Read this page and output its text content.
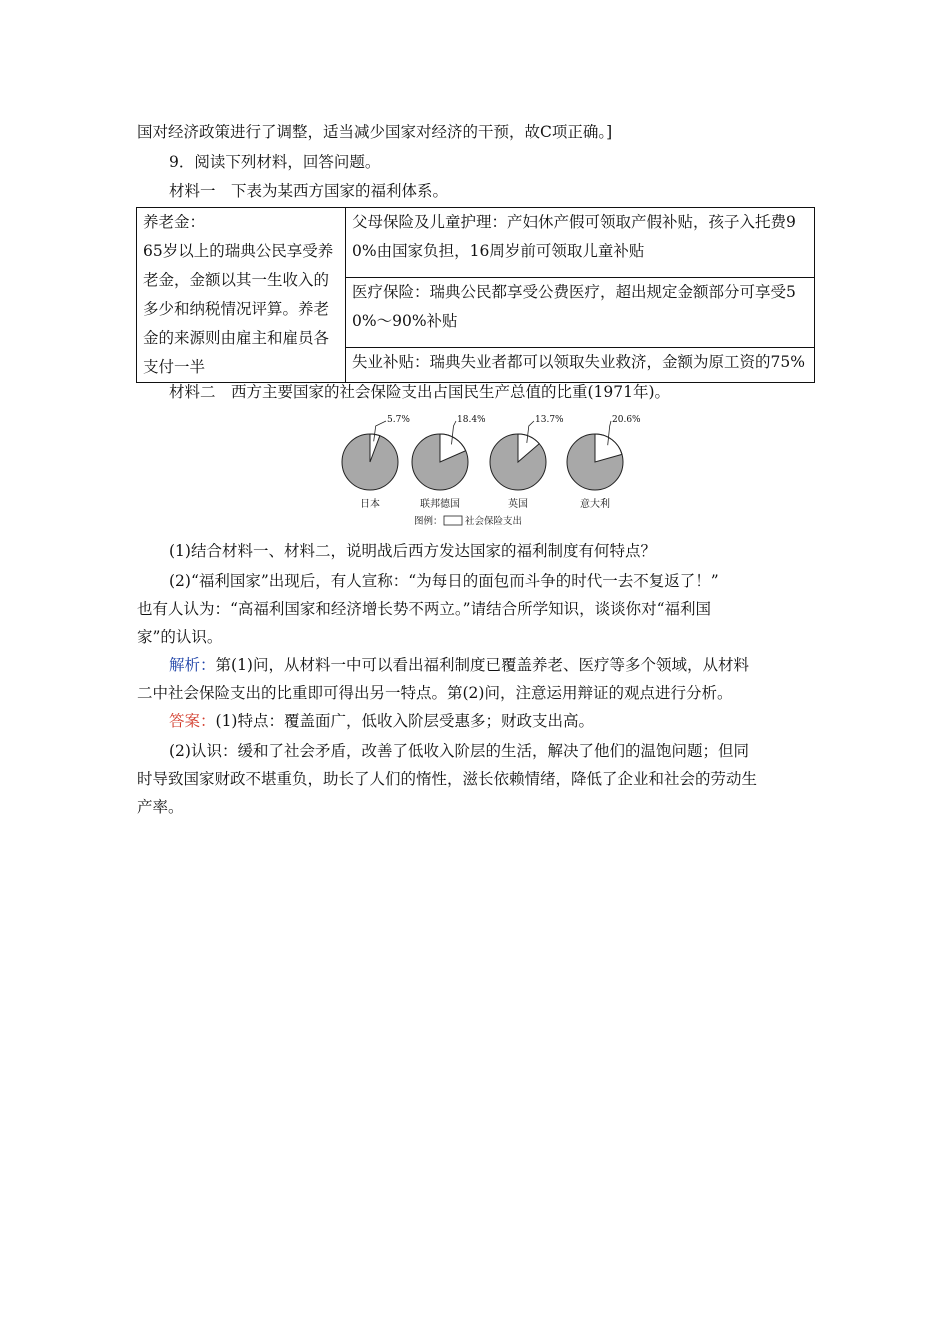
国对经济政策进行了调整，适当减少国家对经济的干预，故C项正确。]
9．阅读下列材料，回答问题。
材料一　下表为某西方国家的福利体系。
养老金：
65岁以上的瑞典公民享受养老金，金额以其一生收入的多少和纳税情况评算。养老金的来源则由雇主和雇员各支付一半

父母保险及儿童护理：产妇休产假可领取产假补贴，孩子入托费90%由国家负担，16周岁前可领取儿童补贴

医疗保险：瑞典公民都享受公费医疗，超出规定金额部分可享受50%～90%补贴

失业补贴：瑞典失业者都可以领取失业救济，金额为原工资的75%
材料二　西方主要国家的社会保险支出占国民生产总值的比重(1971年)。
5.7%
日本
18.4%
联邦德国
13.7%
英国
20.6%
意大利
图例： 社会保险支出
(1)结合材料一、材料二，说明战后西方发达国家的福利制度有何特点？
(2)“福利国家”出现后，有人宣称：“为每日的面包而斗争的时代一去不复返了！”
也有人认为：“高福利国家和经济增长势不两立。”请结合所学知识，谈谈你对“福利国
家”的认识。
解析：第(1)问，从材料一中可以看出福利制度已覆盖养老、医疗等多个领域，从材料
二中社会保险支出的比重即可得出另一特点。第(2)问，注意运用辩证的观点进行分析。
答案：(1)特点：覆盖面广，低收入阶层受惠多；财政支出高。
(2)认识：缓和了社会矛盾，改善了低收入阶层的生活，解决了他们的温饱问题；但同
时导致国家财政不堪重负，助长了人们的惰性，滋长依赖情绪，降低了企业和社会的劳动生
产率。
